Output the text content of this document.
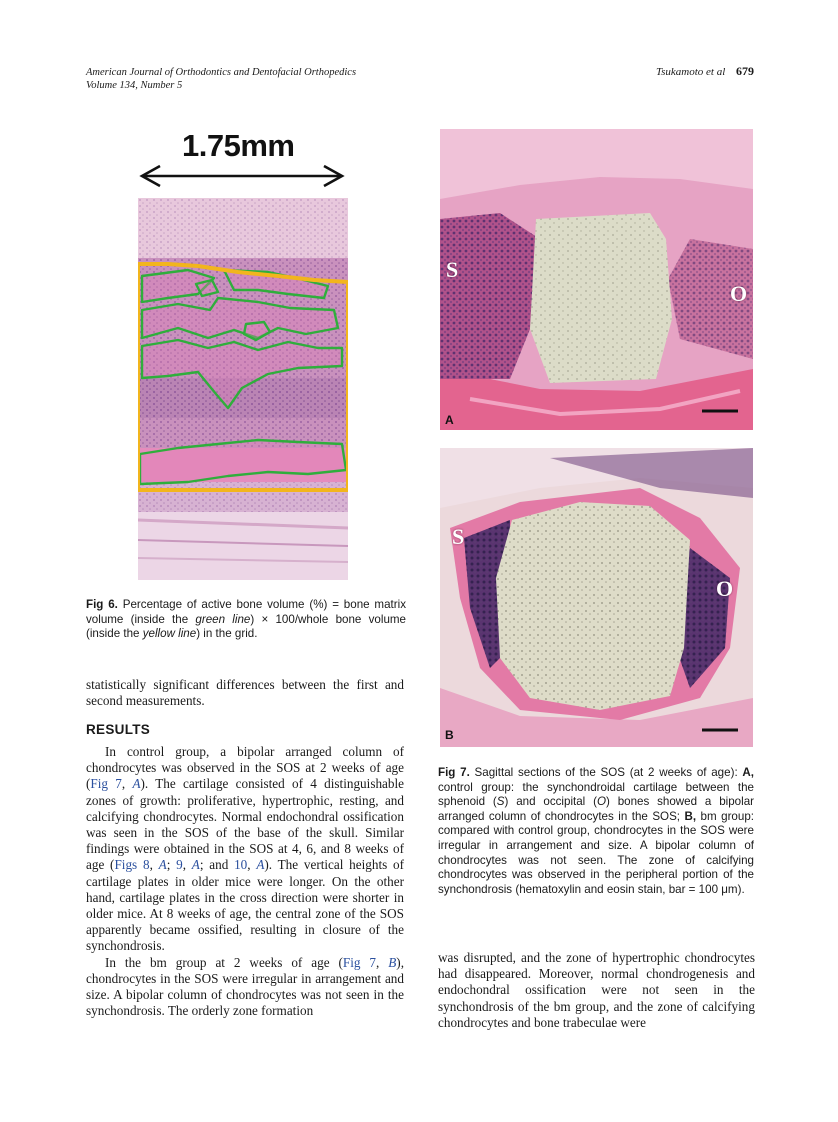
American Journal of Orthodontics and Dentofacial Orthopedics
Volume 134, Number 5
Tsukamoto et al 679
1.75mm
Fig 6. Percentage of active bone volume (%) = bone matrix volume (inside the green line) × 100/whole bone volume (inside the yellow line) in the grid.
statistically significant differences between the first and second measurements.
RESULTS

In control group, a bipolar arranged column of chondrocytes was observed in the SOS at 2 weeks of age (Fig 7, A). The cartilage consisted of 4 distinguishable zones of growth: proliferative, hypertrophic, resting, and calcifying chondrocytes. Normal endochondral ossification was seen in the SOS of the base of the skull. Similar findings were obtained in the SOS at 4, 6, and 8 weeks of age (Figs 8, A; 9, A; and 10, A). The vertical heights of cartilage plates in older mice were longer. On the other hand, cartilage plates in the cross direction were shorter in older mice. At 8 weeks of age, the central zone of the SOS apparently became ossified, resulting in closure of the synchondrosis.

In the bm group at 2 weeks of age (Fig 7, B), chondrocytes in the SOS were irregular in arrangement and size. A bipolar column of chondrocytes was not seen in the synchondrosis. The orderly zone formation

S
O
A
S
O
B
Fig 7. Sagittal sections of the SOS (at 2 weeks of age): A, control group: the synchondroidal cartilage between the sphenoid (S) and occipital (O) bones showed a bipolar arranged column of chondrocytes in the SOS; B, bm group: compared with control group, chondrocytes in the SOS were irregular in arrangement and size. A bipolar column of chondrocytes was not seen. The zone of calcifying chondrocytes was observed in the peripheral portion of the synchondrosis (hematoxylin and eosin stain, bar = 100 μm).
was disrupted, and the zone of hypertrophic chondrocytes had disappeared. Moreover, normal chondrogenesis and endochondral ossification were not seen in the synchondrosis of the bm group, and the zone of calcifying chondrocytes and bone trabeculae were
